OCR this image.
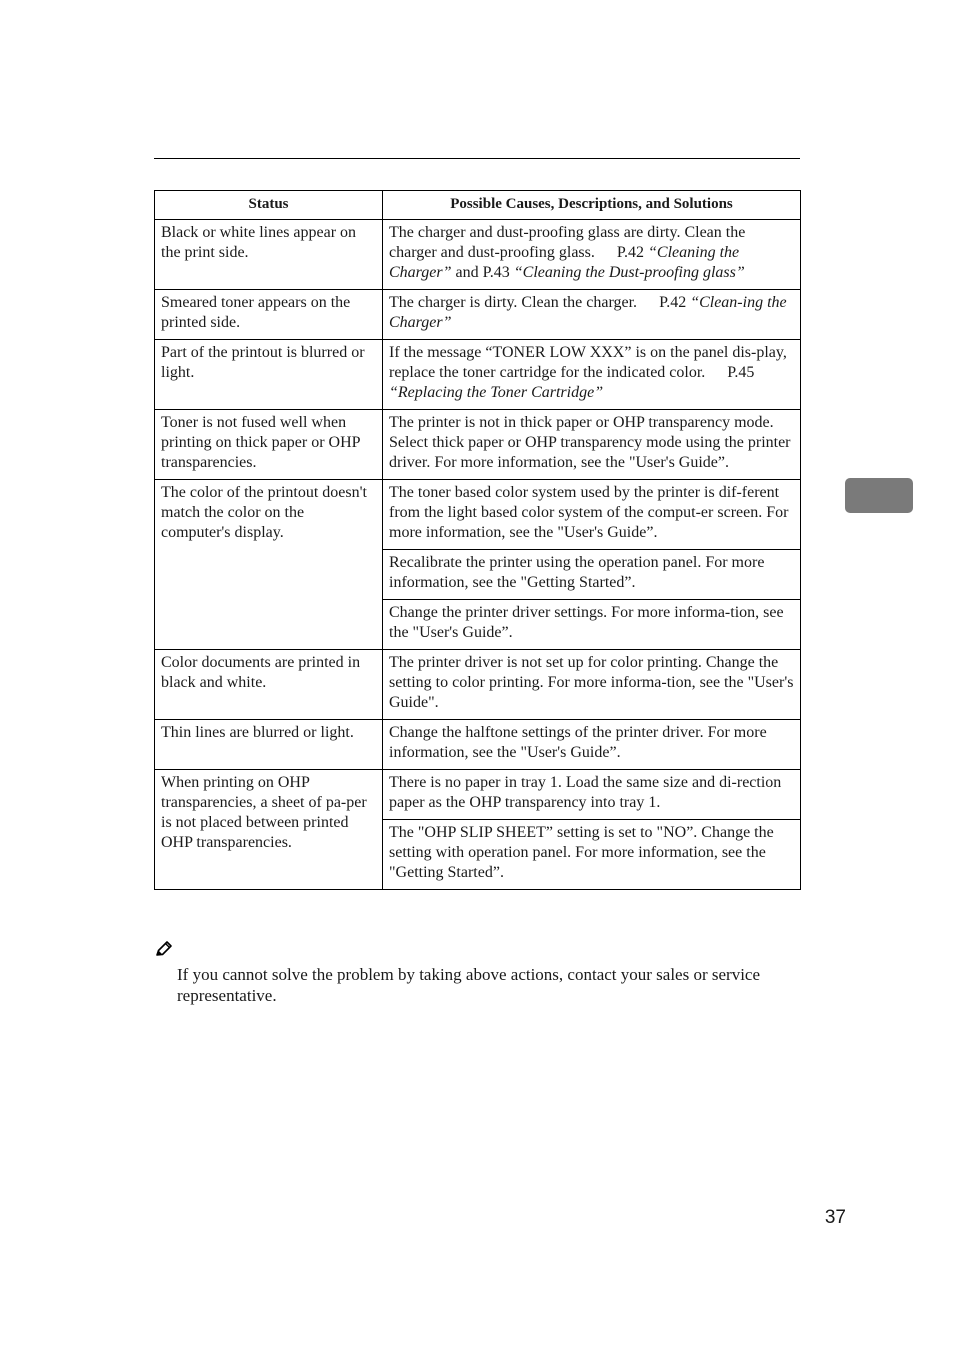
Status	Possible Causes, Descriptions, and Solutions
Black or white lines appear on the print side.	The charger and dust-proofing glass are dirty. Clean the charger and dust-proofing glass. P.42 “Cleaning the Charger” and P.43 “Cleaning the Dust-proofing glass”
Smeared toner appears on the printed side.	The charger is dirty. Clean the charger. P.42 “Clean-ing the Charger”
Part of the printout is blurred or light.	If the message “TONER LOW XXX” is on the panel dis-play, replace the toner cartridge for the indicated color. P.45 “Replacing the Toner Cartridge”
Toner is not fused well when printing on thick paper or OHP transparencies.	The printer is not in thick paper or OHP transparency mode. Select thick paper or OHP transparency mode using the printer driver. For more information, see the "User's Guide”.
The color of the printout doesn't match the color on the computer's display.	The toner based color system used by the printer is dif-ferent from the light based color system of the comput-er screen. For more information, see the "User's Guide”.
	Recalibrate the printer using the operation panel. For more information, see the "Getting Started”.
	Change the printer driver settings. For more informa-tion, see the "User's Guide”.
Color documents are printed in black and white.	The printer driver is not set up for color printing. Change the setting to color printing. For more informa-tion, see the "User's Guide".
Thin lines are blurred or light.	Change the halftone settings of the printer driver. For more information, see the "User's Guide”.
When printing on OHP transparencies, a sheet of pa-per is not placed between printed OHP transparencies.	There is no paper in tray 1. Load the same size and di-rection paper as the OHP transparency into tray 1.
	The "OHP SLIP SHEET” setting is set to "NO”. Change the setting with operation panel. For more information, see the "Getting Started”.
If you cannot solve the problem by taking above actions, contact your sales or service representative.
37
